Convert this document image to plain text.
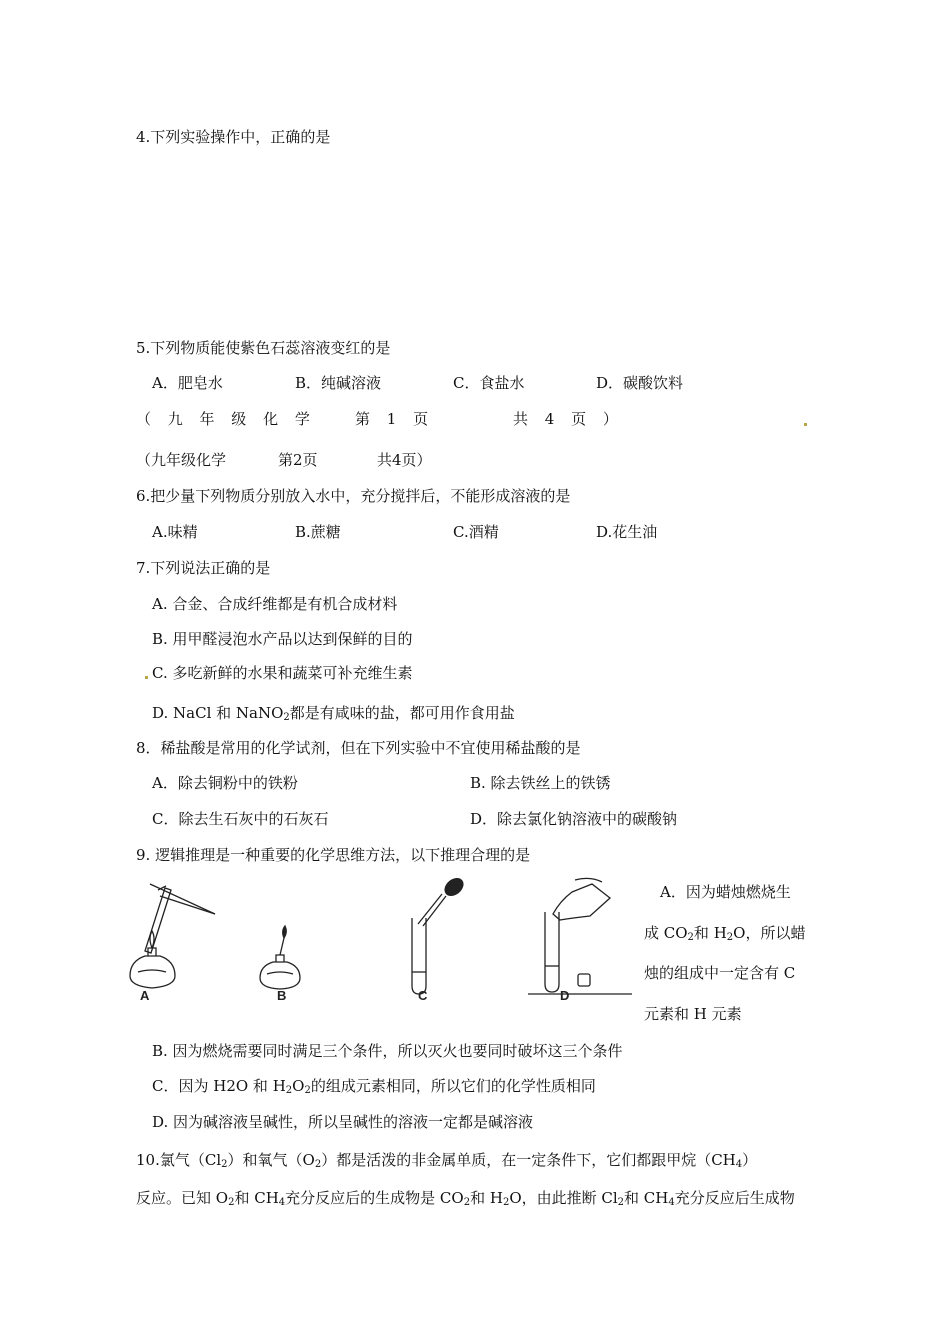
4.下列实验操作中，正确的是
5.下列物质能使紫色石蕊溶液变红的是
A．肥皂水	B．纯碱溶液	C．食盐水	D．碳酸饮料
（ 九 年 级 化 学	第 1 页	共 4 页 ）
（九年级化学	第2页	共4页）
6.把少量下列物质分别放入水中，充分搅拌后，不能形成溶液的是
A.味精	B.蔗糖	C.酒精	D.花生油
7.下列说法正确的是
A. 合金、合成纤维都是有机合成材料
B. 用甲醛浸泡水产品以达到保鲜的目的
C. 多吃新鲜的水果和蔬菜可补充维生素
D. NaCl 和 NaNO$_2$都是有咸味的盐，都可用作食用盐
8．稀盐酸是常用的化学试剂，但在下列实验中不宜使用稀盐酸的是
A．除去铜粉中的铁粉	B. 除去铁丝上的铁锈
C．除去生石灰中的石灰石	D．除去氯化钠溶液中的碳酸钠
9. 逻辑推理是一种重要的化学思维方法，以下推理合理的是
A	B	C	D
A．因为蜡烛燃烧生
成 $CO_2$和 $H_2O$，所以蜡
烛的组成中一定含有 C
元素和 H 元素
B. 因为燃烧需要同时满足三个条件，所以灭火也要同时破坏这三个条件
C．因为 H2O 和 $H_2O_2$的组成元素相同，所以它们的化学性质相同
D. 因为碱溶液呈碱性，所以呈碱性的溶液一定都是碱溶液
10.氯气$(Cl_2)$和氧气$(O_2)$都是活泼的非金属单质，在一定条件下，它们都跟甲烷$(CH_4)$
反应。已知 $O_2$和 $CH_4$充分反应后的生成物是 $CO_2$和 $H_2O$，由此推断 $Cl_2$和 $CH_4$充分反应后生成物
